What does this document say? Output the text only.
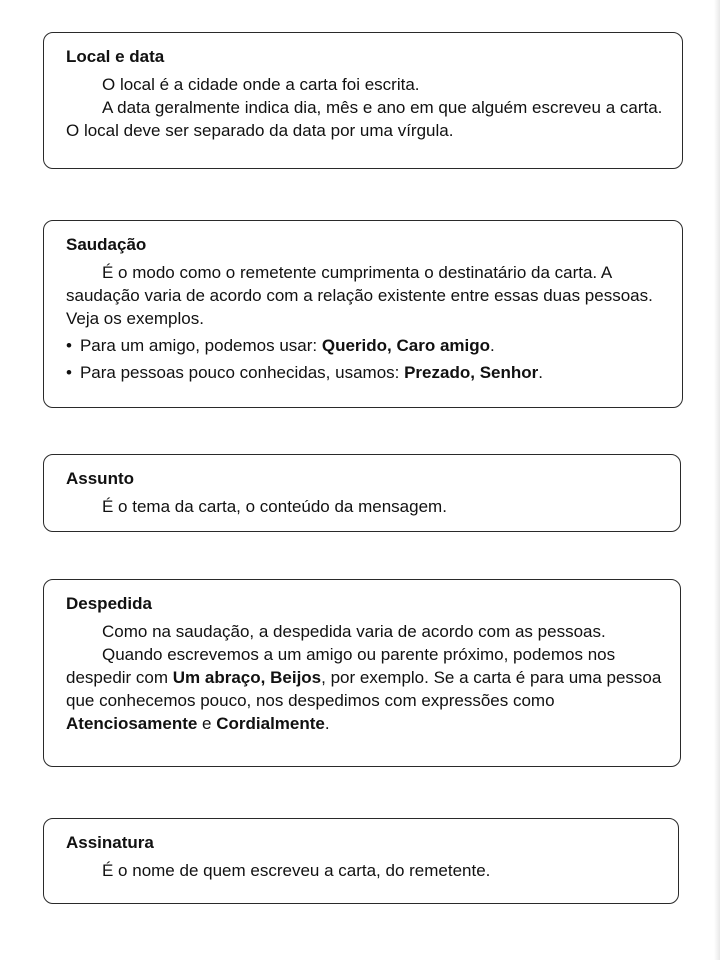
Local e data

O local é a cidade onde a carta foi escrita.

A data geralmente indica dia, mês e ano em que alguém escreveu a carta. O local deve ser separado da data por uma vírgula.

Saudação

É o modo como o remetente cumprimenta o destinatário da carta. A saudação varia de acordo com a relação existente entre essas duas pessoas. Veja os exemplos.

• Para um amigo, podemos usar: Querido, Caro amigo.

• Para pessoas pouco conhecidas, usamos: Prezado, Senhor.

Assunto

É o tema da carta, o conteúdo da mensagem.

Despedida

Como na saudação, a despedida varia de acordo com as pessoas.

Quando escrevemos a um amigo ou parente próximo, podemos nos despedir com Um abraço, Beijos, por exemplo. Se a carta é para uma pessoa que conhecemos pouco, nos despedimos com expressões como Atenciosamente e Cordialmente.

Assinatura

É o nome de quem escreveu a carta, do remetente.
